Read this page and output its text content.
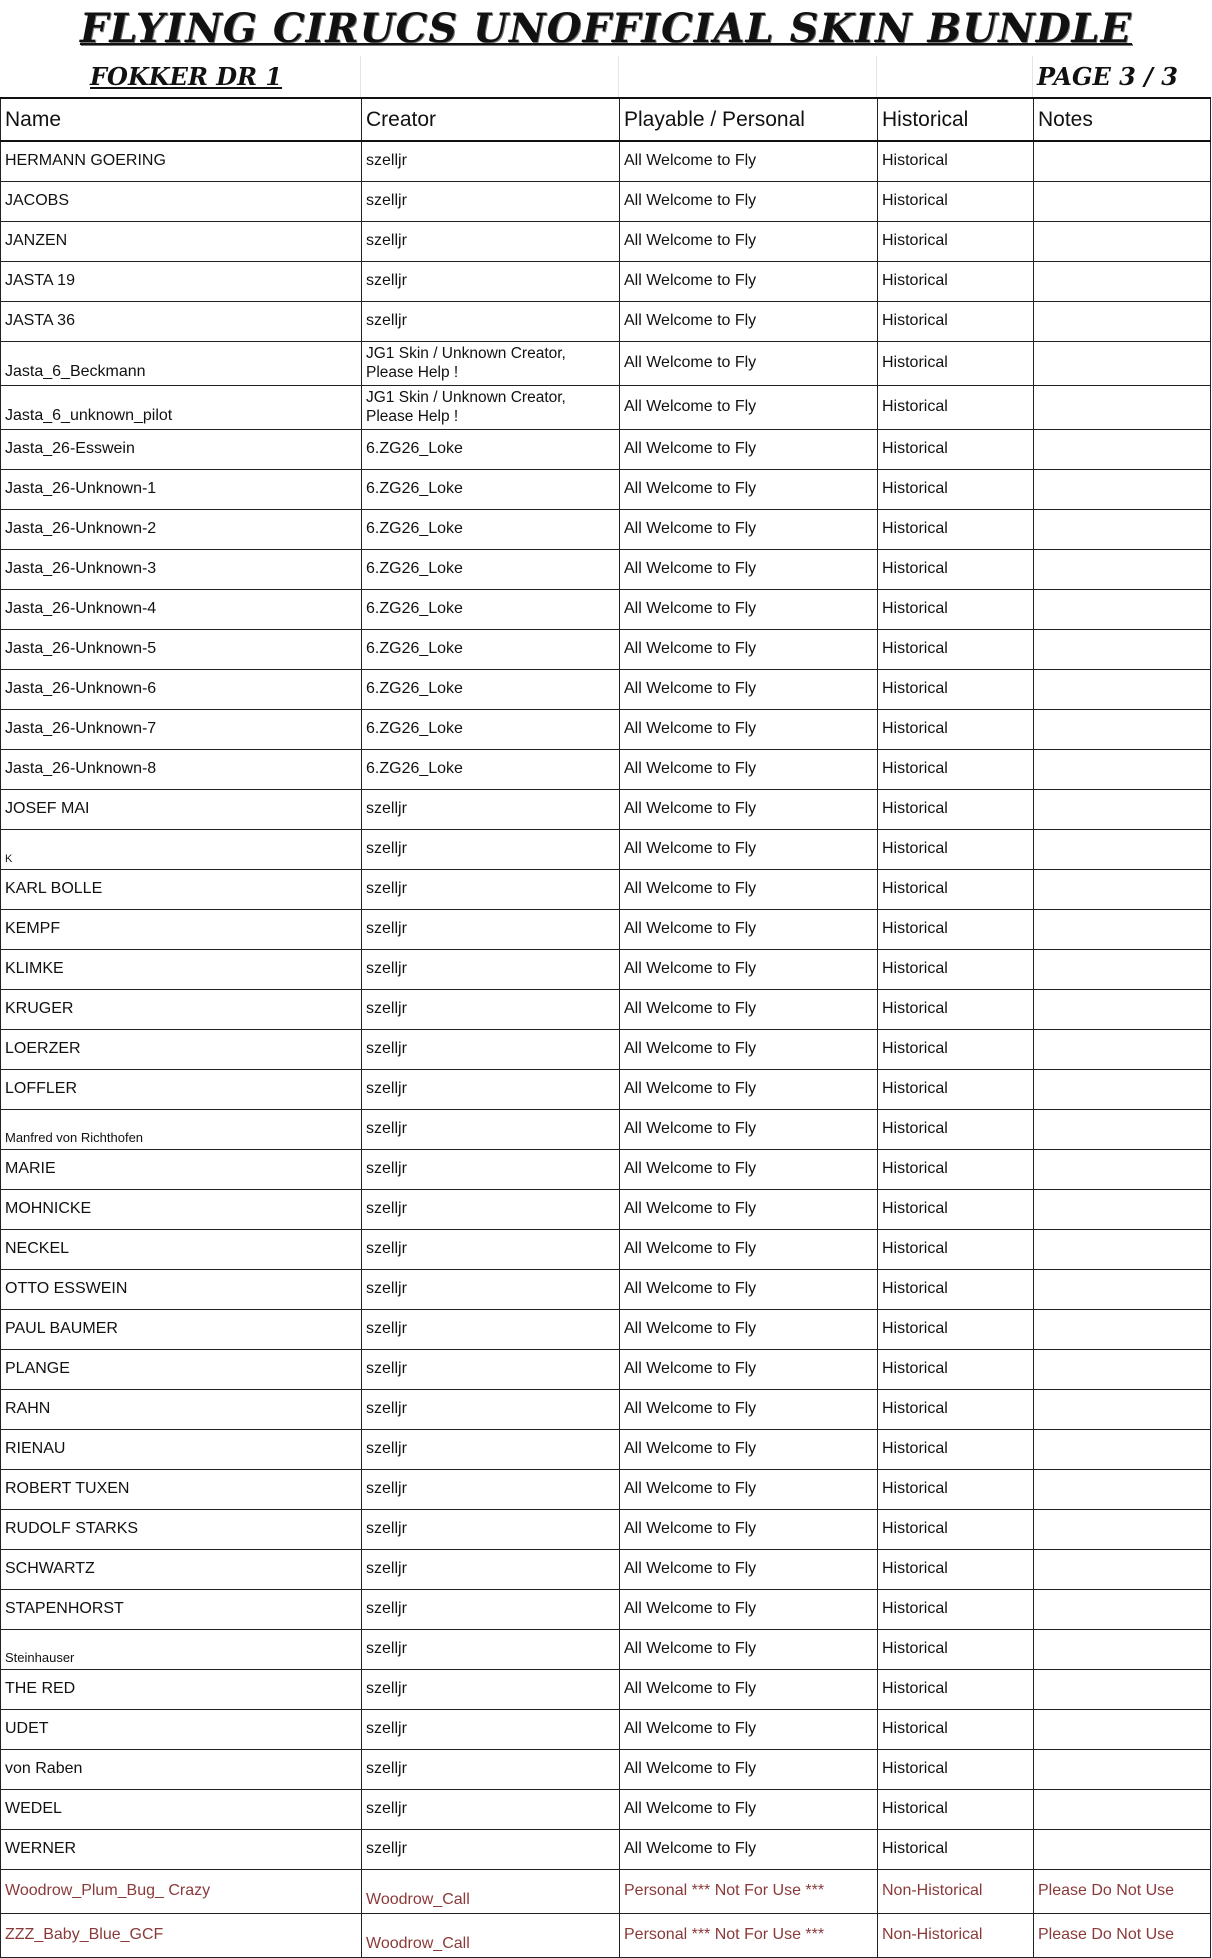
FLYING CIRUCS UNOFFICIAL SKIN BUNDLE
FOKKER DR 1	PAGE 3 / 3
Name	Creator	Playable / Personal	Historical	Notes
HERMANN GOERING	szelljr	All Welcome to Fly	Historical	
JACOBS	szelljr	All Welcome to Fly	Historical	
JANZEN	szelljr	All Welcome to Fly	Historical	
JASTA 19	szelljr	All Welcome to Fly	Historical	
JASTA 36	szelljr	All Welcome to Fly	Historical	
Jasta_6_Beckmann	JG1 Skin / Unknown Creator, Please Help !	All Welcome to Fly	Historical	
Jasta_6_unknown_pilot	JG1 Skin / Unknown Creator, Please Help !	All Welcome to Fly	Historical	
Jasta_26-Esswein	6.ZG26_Loke	All Welcome to Fly	Historical	
Jasta_26-Unknown-1	6.ZG26_Loke	All Welcome to Fly	Historical	
Jasta_26-Unknown-2	6.ZG26_Loke	All Welcome to Fly	Historical	
Jasta_26-Unknown-3	6.ZG26_Loke	All Welcome to Fly	Historical	
Jasta_26-Unknown-4	6.ZG26_Loke	All Welcome to Fly	Historical	
Jasta_26-Unknown-5	6.ZG26_Loke	All Welcome to Fly	Historical	
Jasta_26-Unknown-6	6.ZG26_Loke	All Welcome to Fly	Historical	
Jasta_26-Unknown-7	6.ZG26_Loke	All Welcome to Fly	Historical	
Jasta_26-Unknown-8	6.ZG26_Loke	All Welcome to Fly	Historical	
JOSEF MAI	szelljr	All Welcome to Fly	Historical	
K	szelljr	All Welcome to Fly	Historical	
KARL BOLLE	szelljr	All Welcome to Fly	Historical	
KEMPF	szelljr	All Welcome to Fly	Historical	
KLIMKE	szelljr	All Welcome to Fly	Historical	
KRUGER	szelljr	All Welcome to Fly	Historical	
LOERZER	szelljr	All Welcome to Fly	Historical	
LOFFLER	szelljr	All Welcome to Fly	Historical	
Manfred von Richthofen	szelljr	All Welcome to Fly	Historical	
MARIE	szelljr	All Welcome to Fly	Historical	
MOHNICKE	szelljr	All Welcome to Fly	Historical	
NECKEL	szelljr	All Welcome to Fly	Historical	
OTTO ESSWEIN	szelljr	All Welcome to Fly	Historical	
PAUL BAUMER	szelljr	All Welcome to Fly	Historical	
PLANGE	szelljr	All Welcome to Fly	Historical	
RAHN	szelljr	All Welcome to Fly	Historical	
RIENAU	szelljr	All Welcome to Fly	Historical	
ROBERT TUXEN	szelljr	All Welcome to Fly	Historical	
RUDOLF STARKS	szelljr	All Welcome to Fly	Historical	
SCHWARTZ	szelljr	All Welcome to Fly	Historical	
STAPENHORST	szelljr	All Welcome to Fly	Historical	
Steinhauser	szelljr	All Welcome to Fly	Historical	
THE RED	szelljr	All Welcome to Fly	Historical	
UDET	szelljr	All Welcome to Fly	Historical	
von Raben	szelljr	All Welcome to Fly	Historical	
WEDEL	szelljr	All Welcome to Fly	Historical	
WERNER	szelljr	All Welcome to Fly	Historical	
Woodrow_Plum_Bug_ Crazy	Woodrow_Call	Personal *** Not For Use ***	Non-Historical	Please Do Not Use
ZZZ_Baby_Blue_GCF	Woodrow_Call	Personal *** Not For Use ***	Non-Historical	Please Do Not Use
